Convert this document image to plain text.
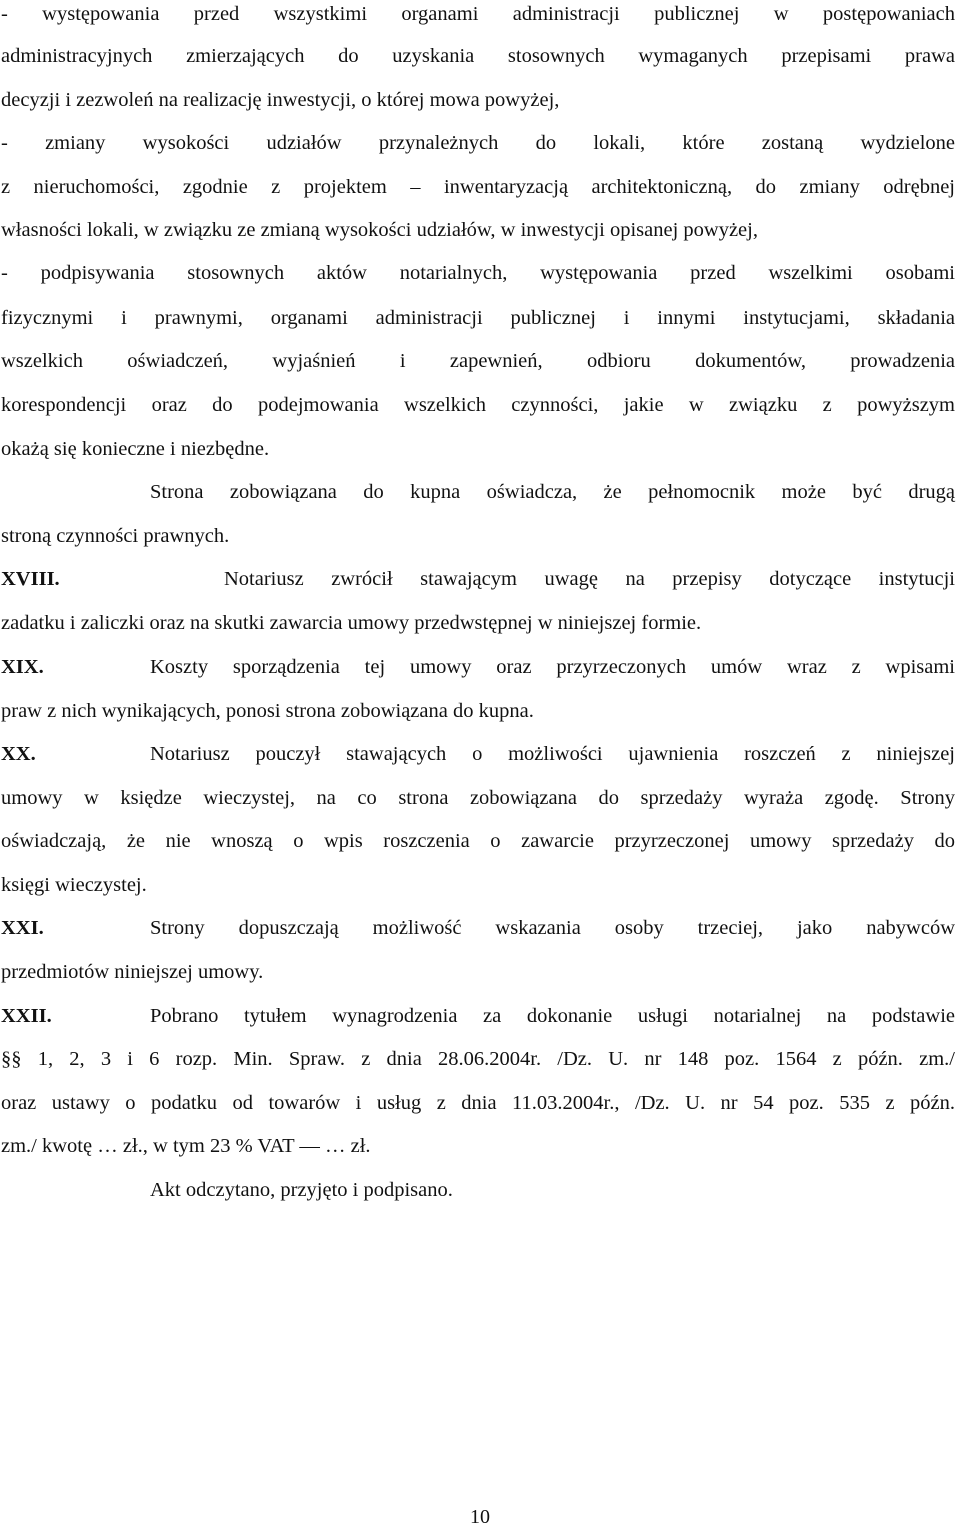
- występowania przed wszystkimi organami administracji publicznej w postępowaniach
administracyjnych zmierzających do uzyskania stosownych wymaganych przepisami prawa
decyzji i zezwoleń na realizację inwestycji, o której mowa powyżej,
- zmiany wysokości udziałów przynależnych do lokali, które zostaną wydzielone
z nieruchomości, zgodnie z projektem – inwentaryzacją architektoniczną, do zmiany odrębnej
własności lokali, w związku ze zmianą wysokości udziałów, w inwestycji opisanej powyżej,
- podpisywania stosownych aktów notarialnych, występowania przed wszelkimi osobami
fizycznymi i prawnymi, organami administracji publicznej i innymi instytucjami, składania
wszelkich oświadczeń, wyjaśnień i zapewnień, odbioru dokumentów, prowadzenia
korespondencji oraz do podejmowania wszelkich czynności, jakie w związku z powyższym
okażą się konieczne i niezbędne.
Strona zobowiązana do kupna oświadcza, że pełnomocnik może być drugą
stroną czynności prawnych.
XVIII.	Notariusz zwrócił stawającym uwagę na przepisy dotyczące instytucji
zadatku i zaliczki oraz na skutki zawarcia umowy przedwstępnej w niniejszej formie.
XIX.	Koszty sporządzenia tej umowy oraz przyrzeczonych umów wraz z wpisami
praw z nich wynikających, ponosi strona zobowiązana do kupna.
XX.	Notariusz pouczył stawających o możliwości ujawnienia roszczeń z niniejszej
umowy w księdze wieczystej, na co strona zobowiązana do sprzedaży wyraża zgodę. Strony
oświadczają, że nie wnoszą o wpis roszczenia o zawarcie przyrzeczonej umowy sprzedaży do
księgi wieczystej.
XXI.	Strony dopuszczają możliwość wskazania osoby trzeciej, jako nabywców
przedmiotów niniejszej umowy.
XXII.	Pobrano tytułem wynagrodzenia za dokonanie usługi notarialnej na podstawie
§§ 1, 2, 3 i 6 rozp. Min. Spraw. z dnia 28.06.2004r. /Dz. U. nr 148 poz. 1564 z późn. zm./
oraz ustawy o podatku od towarów i usług z dnia 11.03.2004r., /Dz. U. nr 54 poz. 535 z późn.
zm./ kwotę … zł., w tym 23 % VAT — … zł.
Akt odczytano, przyjęto i podpisano.
10
